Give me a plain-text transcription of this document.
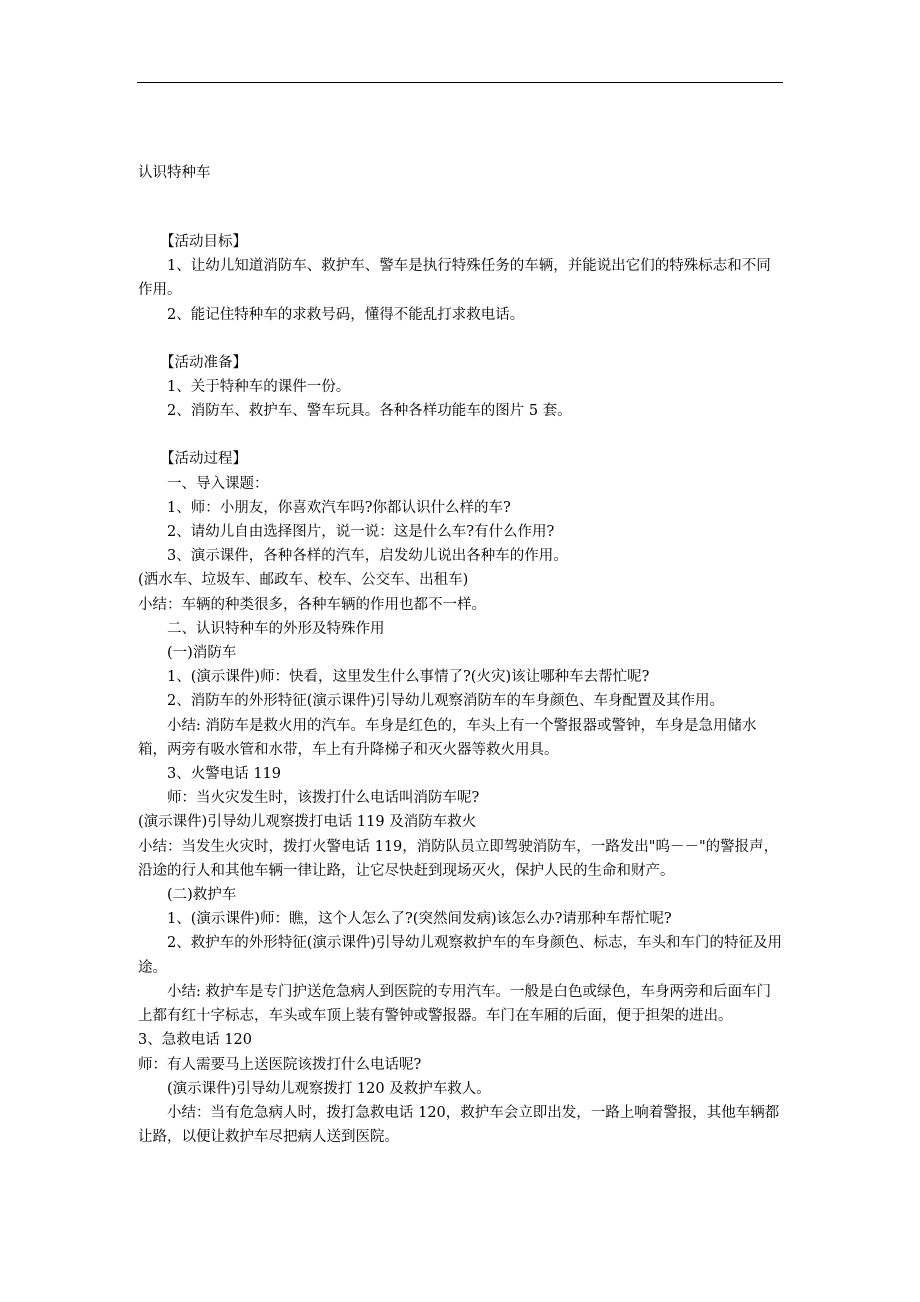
认识特种车

【活动目标】

1、让幼儿知道消防车、救护车、警车是执行特殊任务的车辆，并能说出它们的特殊标志和不同作用。

2、能记住特种车的求救号码，懂得不能乱打求救电话。

【活动准备】

1、关于特种车的课件一份。

2、消防车、救护车、警车玩具。各种各样功能车的图片 5 套。

【活动过程】

一、导入课题：

1、师：小朋友，你喜欢汽车吗?你都认识什么样的车?

2、请幼儿自由选择图片，说一说：这是什么车?有什么作用?

3、演示课件，各种各样的汽车，启发幼儿说出各种车的作用。

(洒水车、垃圾车、邮政车、校车、公交车、出租车)

小结：车辆的种类很多，各种车辆的作用也都不一样。

二、认识特种车的外形及特殊作用

(一)消防车

1、(演示课件)师：快看，这里发生什么事情了?(火灾)该让哪种车去帮忙呢?

2、消防车的外形特征(演示课件)引导幼儿观察消防车的车身颜色、车身配置及其作用。

小结: 消防车是救火用的汽车。车身是红色的，车头上有一个警报器或警钟，车身是急用储水箱，两旁有吸水管和水带，车上有升降梯子和灭火器等救火用具。

3、火警电话 119

师：当火灾发生时，该拨打什么电话叫消防车呢?

(演示课件)引导幼儿观察拨打电话 119 及消防车救火

小结：当发生火灾时，拨打火警电话 119，消防队员立即驾驶消防车，一路发出"呜－－"的警报声，沿途的行人和其他车辆一律让路，让它尽快赶到现场灭火，保护人民的生命和财产。

(二)救护车

1、(演示课件)师：瞧，这个人怎么了?(突然间发病)该怎么办?请那种车帮忙呢?

2、救护车的外形特征(演示课件)引导幼儿观察救护车的车身颜色、标志，车头和车门的特征及用途。

小结: 救护车是专门护送危急病人到医院的专用汽车。一般是白色或绿色，车身两旁和后面车门上都有红十字标志，车头或车顶上装有警钟或警报器。车门在车厢的后面，便于担架的进出。

3、急救电话 120

师：有人需要马上送医院该拨打什么电话呢?

(演示课件)引导幼儿观察拨打 120 及救护车救人。

小结：当有危急病人时，拨打急救电话 120，救护车会立即出发，一路上响着警报，其他车辆都让路，以便让救护车尽把病人送到医院。
